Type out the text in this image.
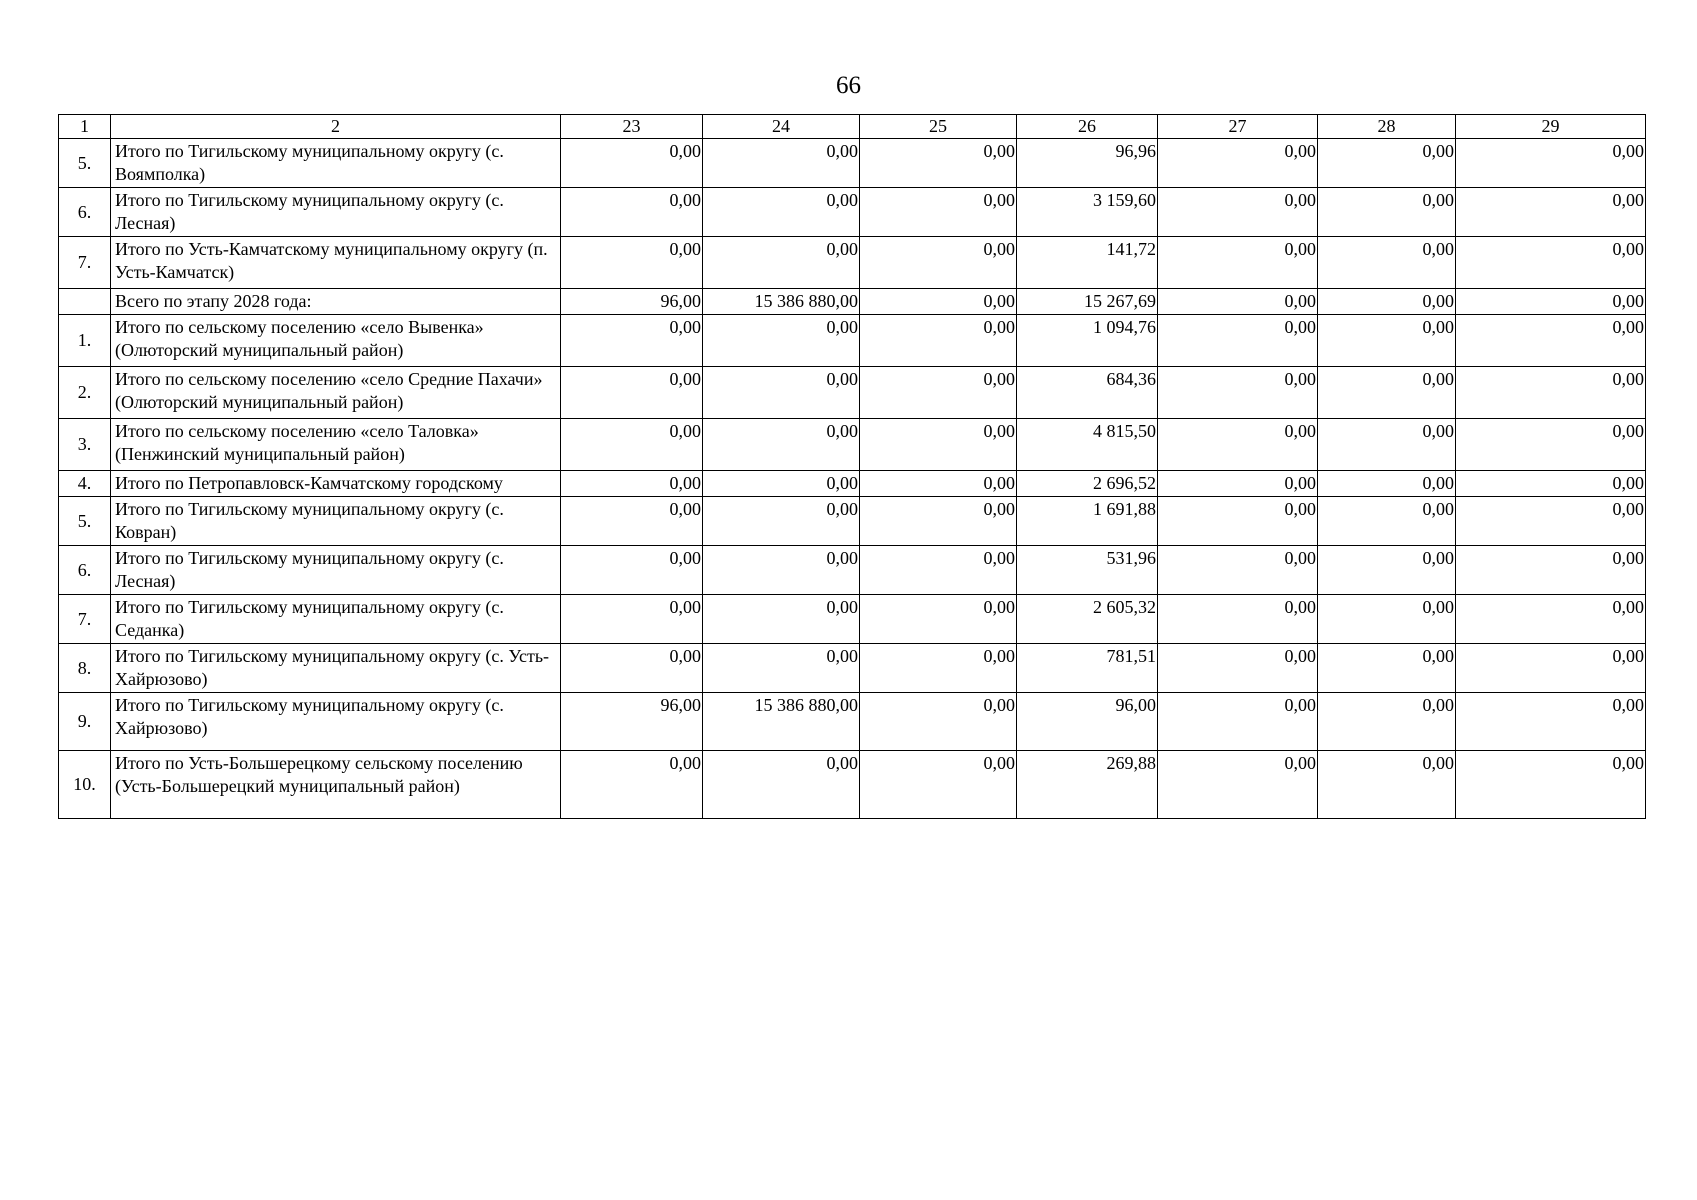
66
1	2	23	24	25	26	27	28	29
5.	Итого по Тигильскому муниципальному округу (с. Воямполка)	0,00	0,00	0,00	96,96	0,00	0,00	0,00
6.	Итого по Тигильскому муниципальному округу (с. Лесная)	0,00	0,00	0,00	3 159,60	0,00	0,00	0,00
7.	Итого по Усть-Камчатскому муниципальному округу (п. Усть-Камчатск)	0,00	0,00	0,00	141,72	0,00	0,00	0,00
	Всего по этапу 2028 года:	96,00	15 386 880,00	0,00	15 267,69	0,00	0,00	0,00
1.	Итого по сельскому поселению «село Вывенка» (Олюторский муниципальный район)	0,00	0,00	0,00	1 094,76	0,00	0,00	0,00
2.	Итого по сельскому поселению «село Средние Пахачи» (Олюторский муниципальный район)	0,00	0,00	0,00	684,36	0,00	0,00	0,00
3.	Итого по сельскому поселению «село Таловка» (Пенжинский муниципальный район)	0,00	0,00	0,00	4 815,50	0,00	0,00	0,00
4.	Итого по Петропавловск-Камчатскому городскому	0,00	0,00	0,00	2 696,52	0,00	0,00	0,00
5.	Итого по Тигильскому муниципальному округу (с. Ковран)	0,00	0,00	0,00	1 691,88	0,00	0,00	0,00
6.	Итого по Тигильскому муниципальному округу (с. Лесная)	0,00	0,00	0,00	531,96	0,00	0,00	0,00
7.	Итого по Тигильскому муниципальному округу (с. Седанка)	0,00	0,00	0,00	2 605,32	0,00	0,00	0,00
8.	Итого по Тигильскому муниципальному округу (с. Усть-Хайрюзово)	0,00	0,00	0,00	781,51	0,00	0,00	0,00
9.	Итого по Тигильскому муниципальному округу (с. Хайрюзово)	96,00	15 386 880,00	0,00	96,00	0,00	0,00	0,00
10.	Итого по Усть-Большерецкому сельскому поселению (Усть-Большерецкий муниципальный район)	0,00	0,00	0,00	269,88	0,00	0,00	0,00
